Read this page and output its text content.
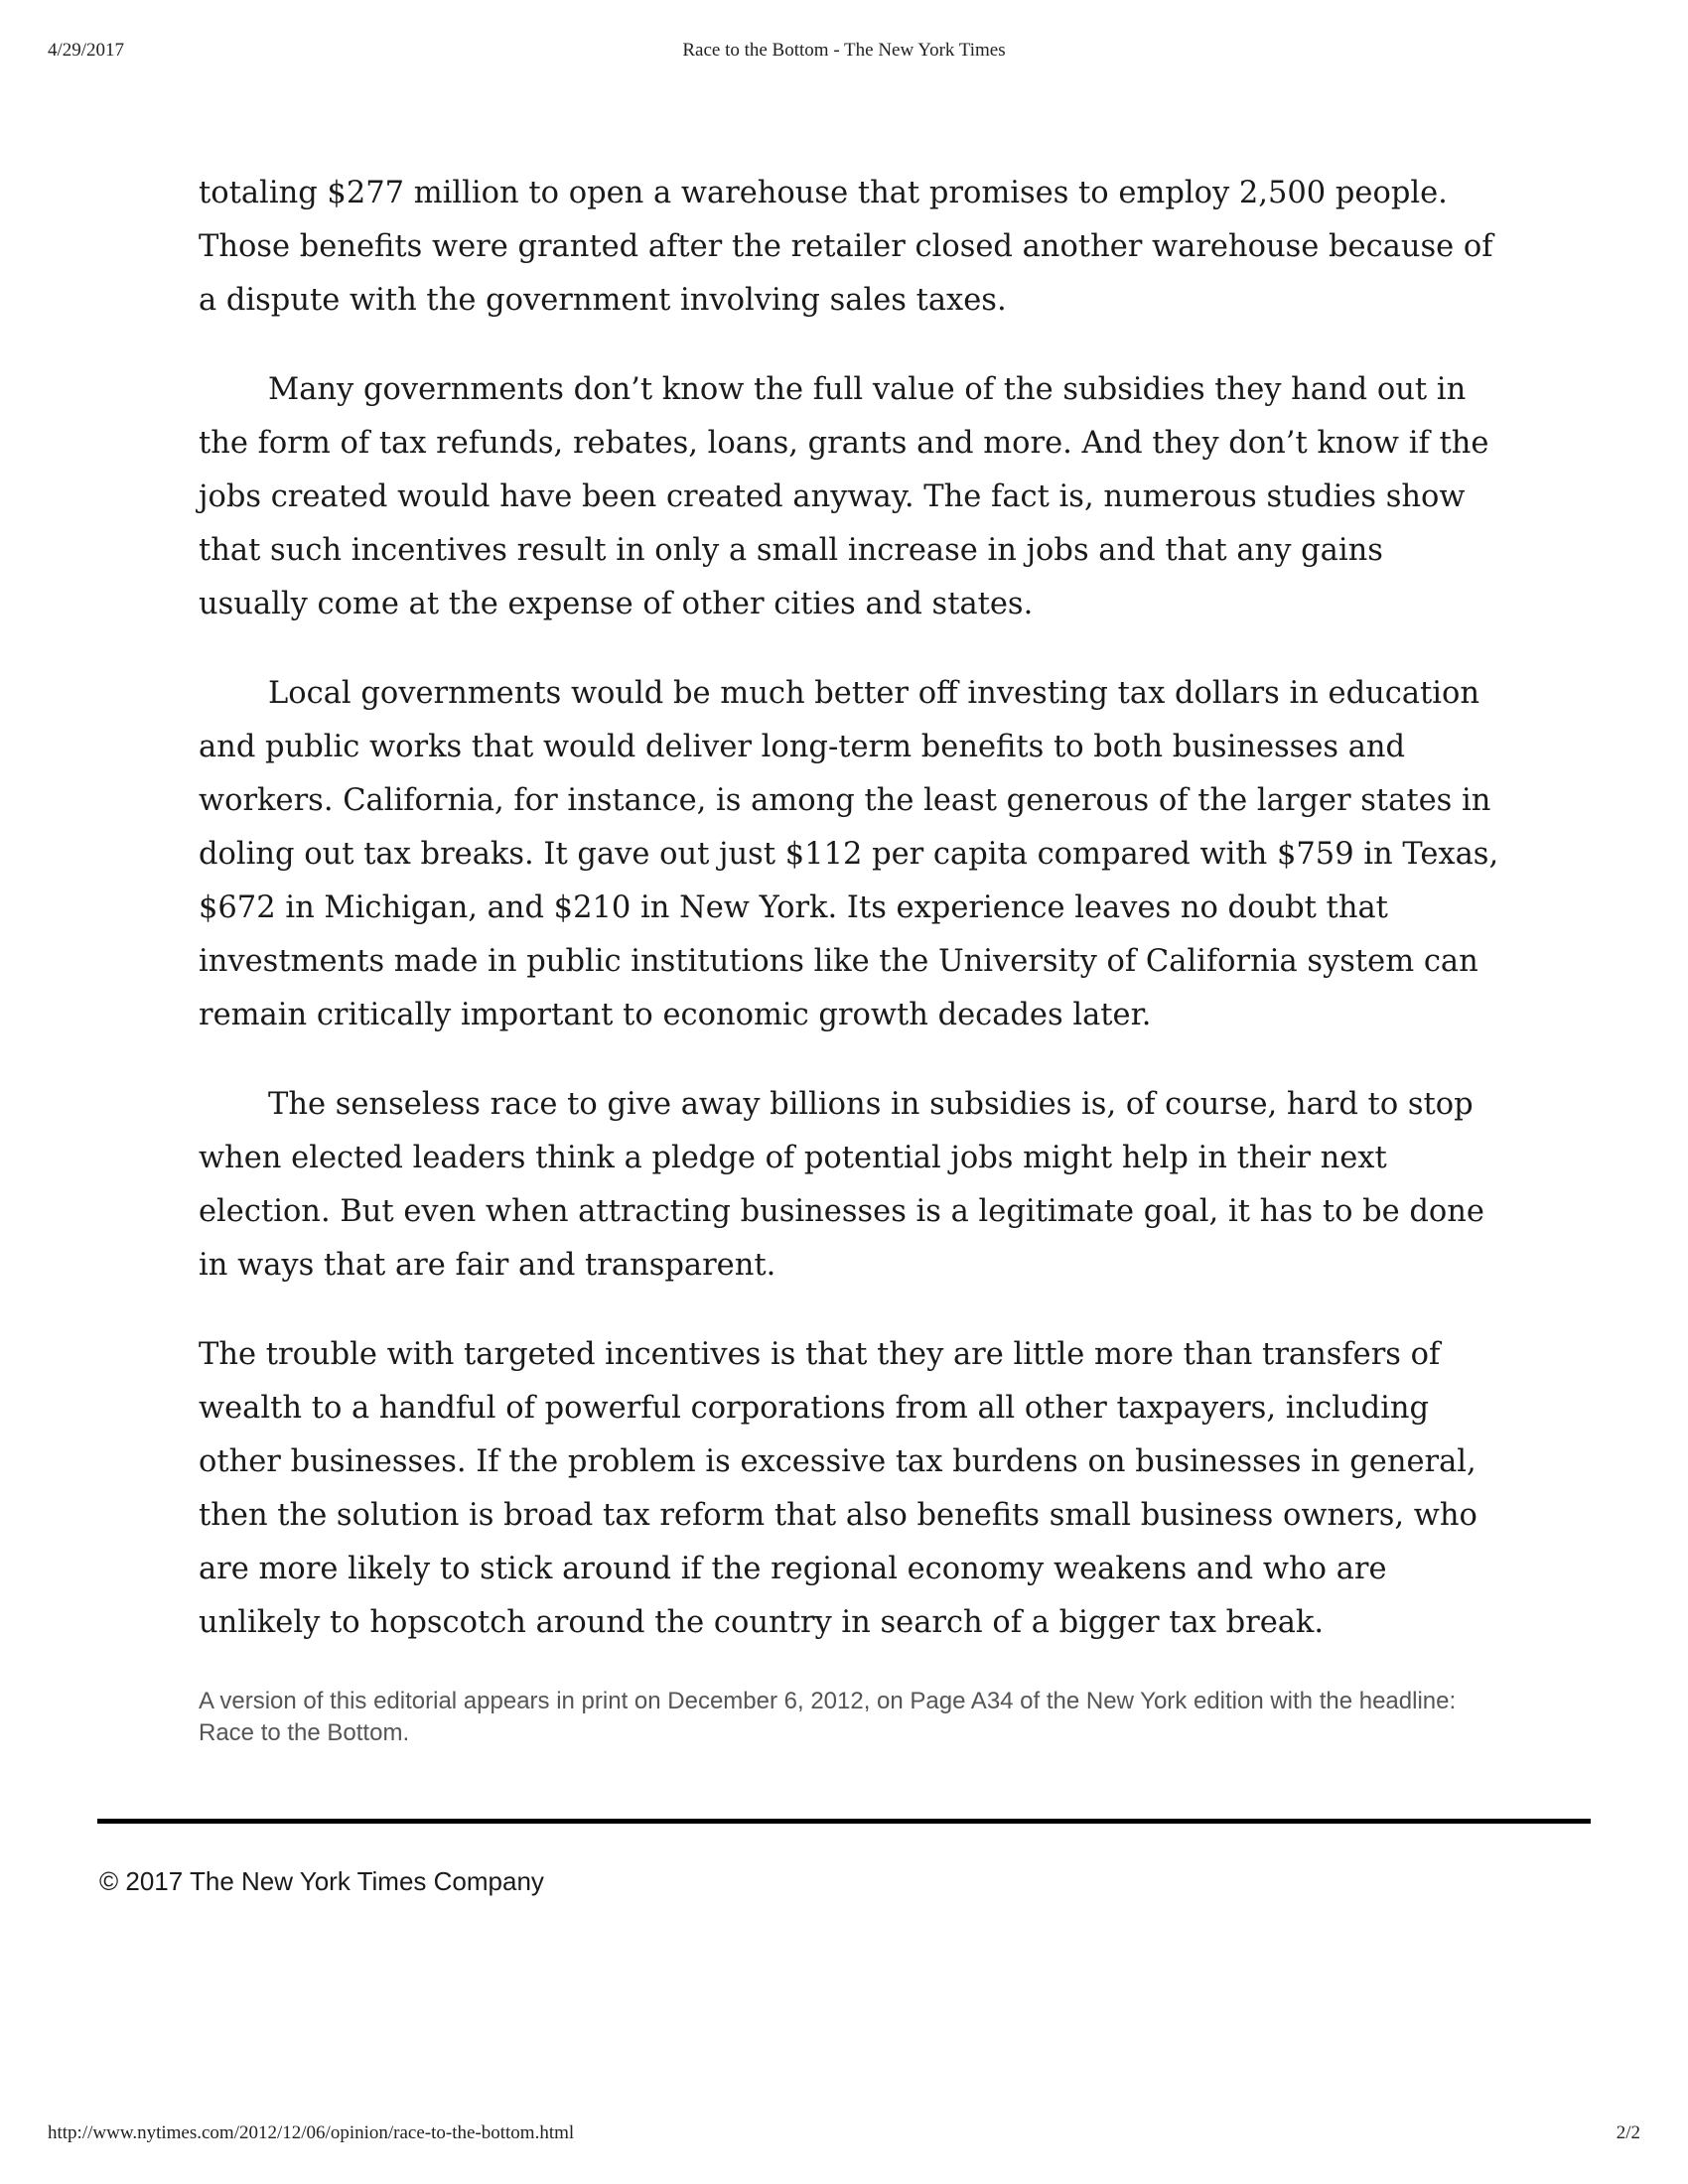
4/29/2017	Race to the Bottom - The New York Times

totaling $277 million to open a warehouse that promises to employ 2,500 people. Those benefits were granted after the retailer closed another warehouse because of a dispute with the government involving sales taxes.

Many governments don’t know the full value of the subsidies they hand out in the form of tax refunds, rebates, loans, grants and more. And they don’t know if the jobs created would have been created anyway. The fact is, numerous studies show that such incentives result in only a small increase in jobs and that any gains usually come at the expense of other cities and states.

Local governments would be much better off investing tax dollars in education and public works that would deliver long-term benefits to both businesses and workers. California, for instance, is among the least generous of the larger states in doling out tax breaks. It gave out just $112 per capita compared with $759 in Texas, $672 in Michigan, and $210 in New York. Its experience leaves no doubt that investments made in public institutions like the University of California system can remain critically important to economic growth decades later.

The senseless race to give away billions in subsidies is, of course, hard to stop when elected leaders think a pledge of potential jobs might help in their next election. But even when attracting businesses is a legitimate goal, it has to be done in ways that are fair and transparent.

The trouble with targeted incentives is that they are little more than transfers of wealth to a handful of powerful corporations from all other taxpayers, including other businesses. If the problem is excessive tax burdens on businesses in general, then the solution is broad tax reform that also benefits small business owners, who are more likely to stick around if the regional economy weakens and who are unlikely to hopscotch around the country in search of a bigger tax break.

A version of this editorial appears in print on December 6, 2012, on Page A34 of the New York edition with the headline: Race to the Bottom.
© 2017 The New York Times Company
http://www.nytimes.com/2012/12/06/opinion/race-to-the-bottom.html	2/2
